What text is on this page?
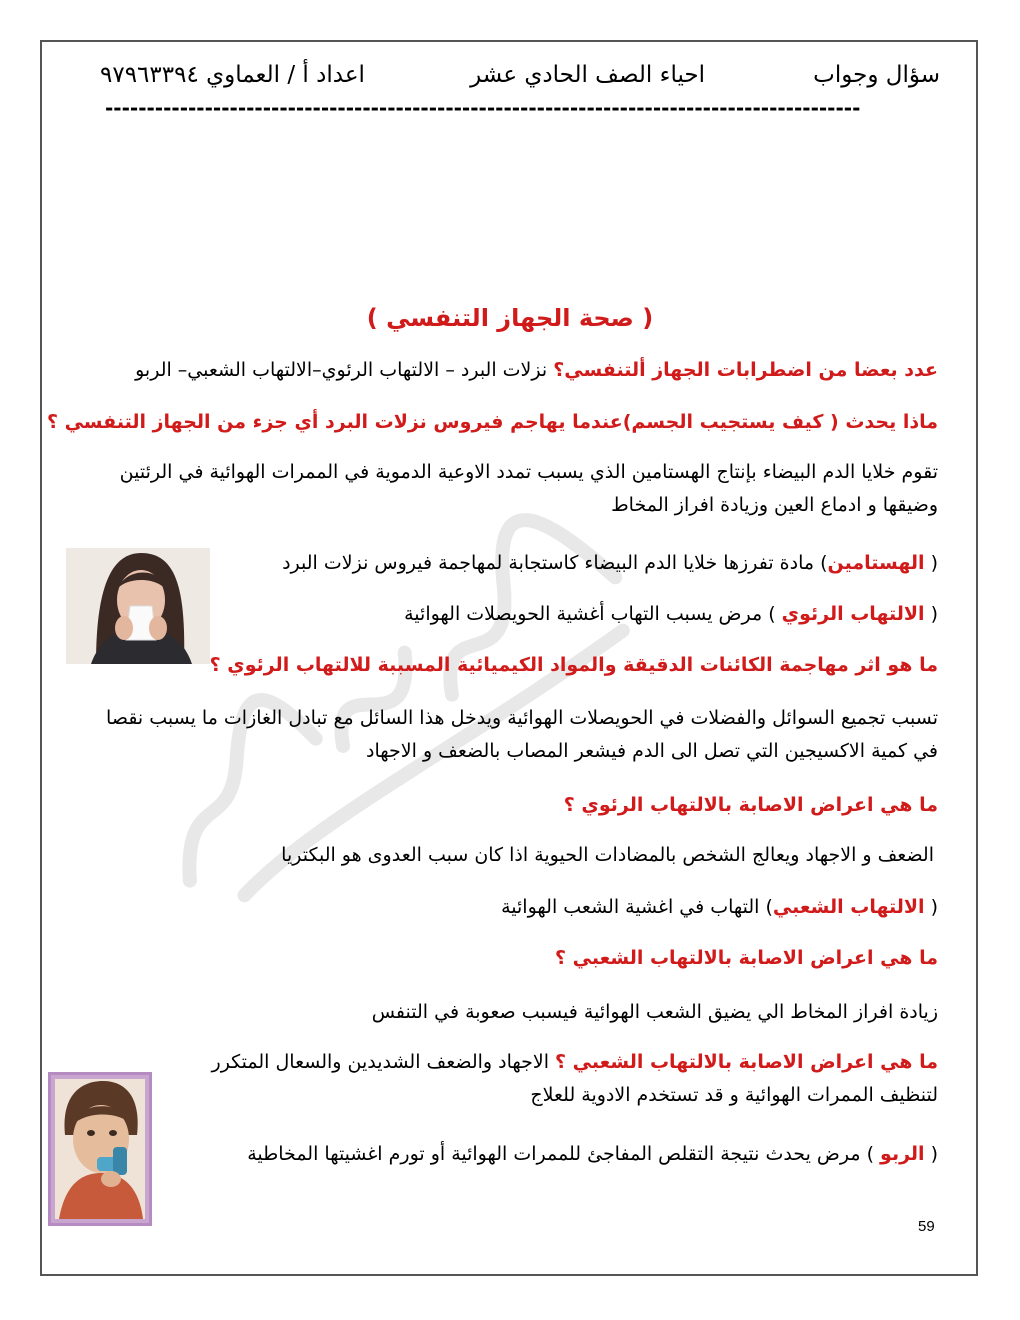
سؤال وجواب
احياء الصف الحادي عشر
اعداد أ / العماوي ٩٧٩٦٣٣٩٤
-------------------------------------------------------------------------------------------
( صحة الجهاز التنفسي )
عدد بعضا من اضطرابات الجهاز ألتنفسي؟ نزلات البرد – الالتهاب الرئوي–الالتهاب الشعبي– الربو
ماذا يحدث ( كيف يستجيب الجسم)عندما يهاجم فيروس نزلات البرد أي جزء من الجهاز التنفسي ؟
تقوم خلايا الدم البيضاء بإنتاج الهستامين الذي يسبب تمدد الاوعية الدموية في الممرات الهوائية في الرئتين وضيقها و ادماع العين وزيادة افراز المخاط
( الهستامين) مادة تفرزها خلايا الدم البيضاء كاستجابة لمهاجمة فيروس نزلات البرد
( الالتهاب الرئوي ) مرض يسبب التهاب أغشية الحويصلات الهوائية
ما هو اثر مهاجمة الكائنات الدقيقة والمواد الكيميائية المسببة للالتهاب الرئوي ؟
تسبب تجميع السوائل والفضلات في الحويصلات الهوائية ويدخل هذا السائل مع تبادل الغازات ما يسبب نقصا في كمية الاكسيجين التي تصل الى الدم فيشعر المصاب بالضعف و الاجهاد
ما هي اعراض الاصابة بالالتهاب الرئوي ؟
الضعف و الاجهاد ويعالج الشخص بالمضادات الحيوية اذا كان سبب العدوى هو البكتريا
( الالتهاب الشعبي) التهاب في اغشية الشعب الهوائية
ما هي اعراض الاصابة بالالتهاب الشعبي ؟
زيادة افراز المخاط الي يضيق الشعب الهوائية فيسبب صعوبة في التنفس
ما هي اعراض الاصابة بالالتهاب الشعبي ؟ الاجهاد والضعف الشديدين والسعال المتكرر لتنظيف الممرات الهوائية و قد تستخدم الادوية للعلاج
( الربو ) مرض يحدث نتيجة التقلص المفاجئ للممرات الهوائية أو تورم اغشيتها المخاطية
59
